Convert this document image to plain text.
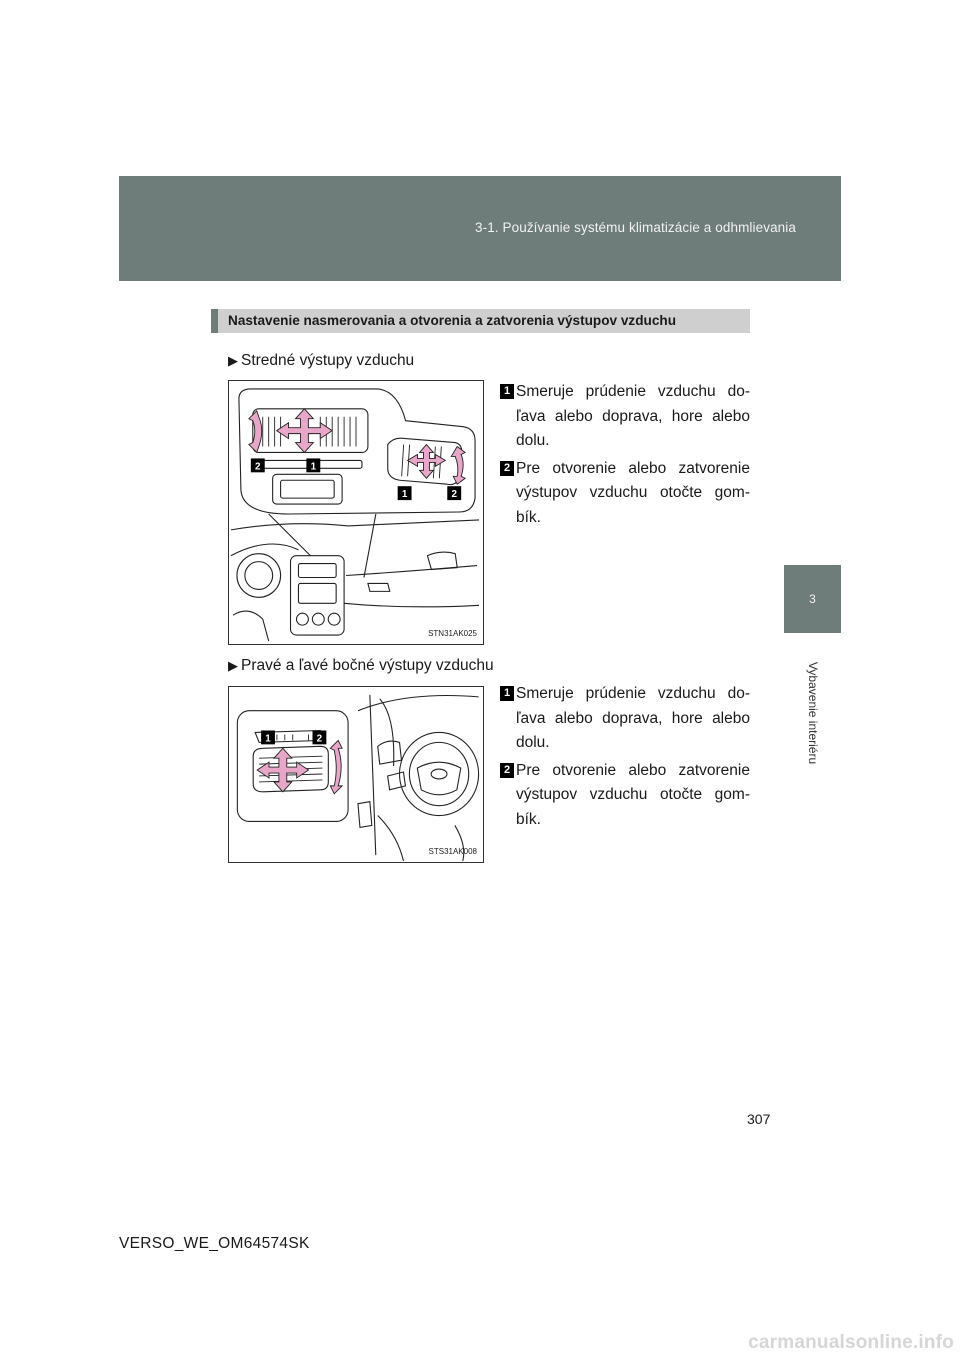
3-1. Používanie systému klimatizácie a odhmlievania
3
Vybavenie interiéru
Nastavenie nasmerovania a otvorenia a zatvorenia výstupov vzduchu
▶ Stredné výstupy vzduchu
2	1
1	2
STN31AK025
1 Smeruje prúdenie vzduchu do-ľava alebo doprava, hore alebo dolu.
2 Pre otvorenie alebo zatvorenie výstupov vzduchu otočte gom-bík.
▶ Pravé a ľavé bočné výstupy vzduchu
1	2
STS31AK008
1 Smeruje prúdenie vzduchu do-ľava alebo doprava, hore alebo dolu.
2 Pre otvorenie alebo zatvorenie výstupov vzduchu otočte gom-bík.
307
VERSO_WE_OM64574SK
carmanualsonline.info
